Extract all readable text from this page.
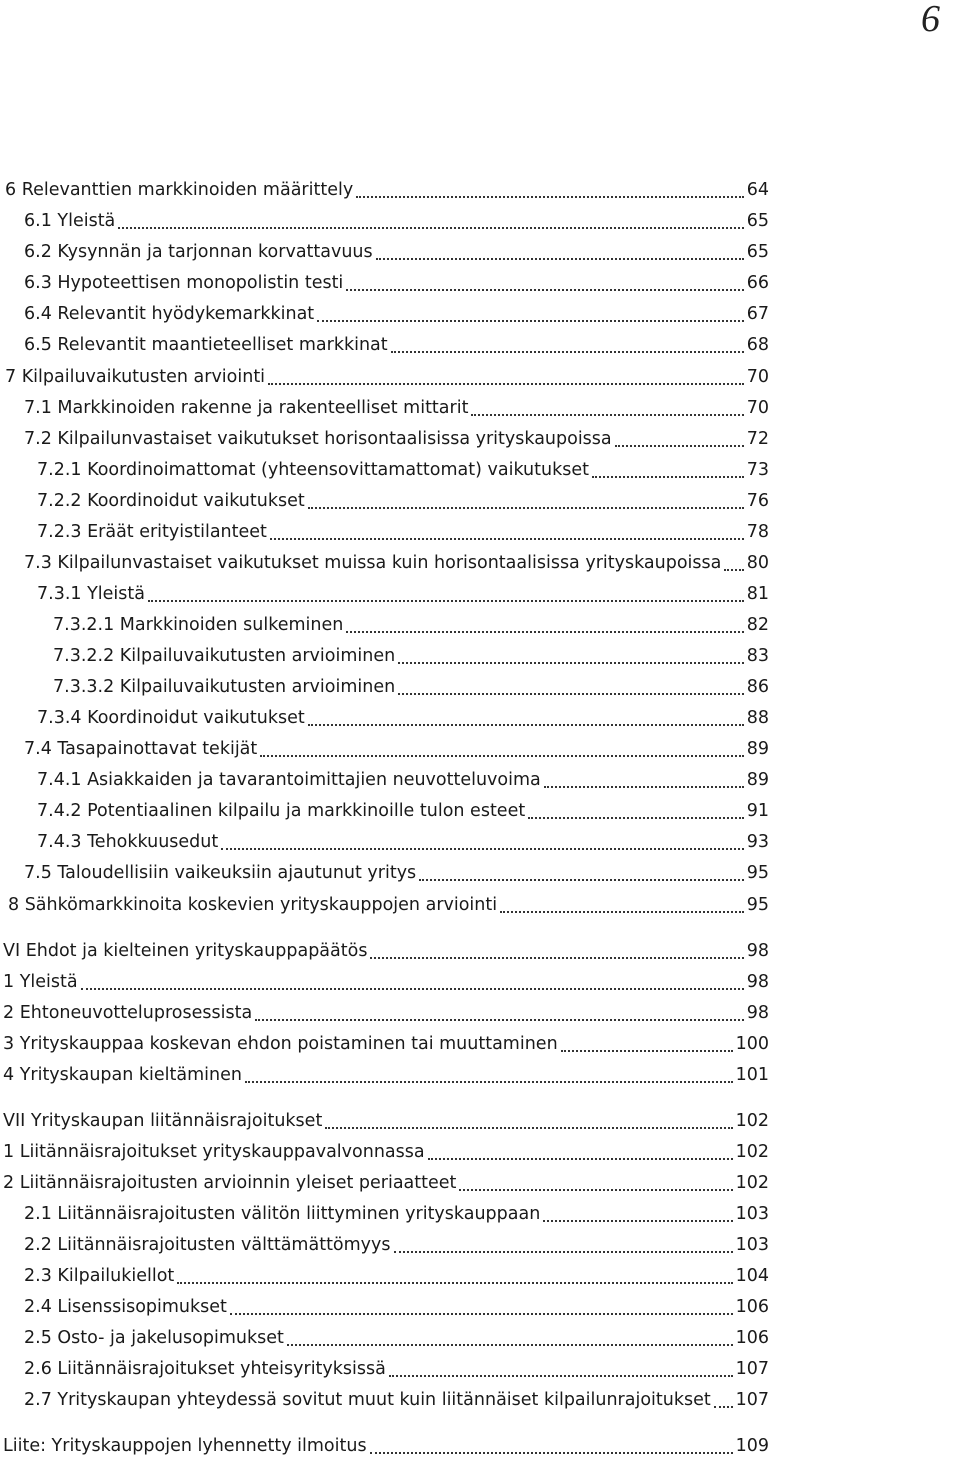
6
6 Relevanttien markkinoiden määrittely	64
6.1 Yleistä	65
6.2 Kysynnän ja tarjonnan korvattavuus	65
6.3 Hypoteettisen monopolistin testi	66
6.4 Relevantit hyödykemarkkinat	67
6.5 Relevantit maantieteelliset markkinat	68
7 Kilpailuvaikutusten arviointi	70
7.1 Markkinoiden rakenne ja rakenteelliset mittarit	70
7.2 Kilpailunvastaiset vaikutukset horisontaalisissa yrityskaupoissa	72
7.2.1 Koordinoimattomat (yhteensovittamattomat) vaikutukset	73
7.2.2 Koordinoidut vaikutukset	76
7.2.3 Eräät erityistilanteet	78
7.3 Kilpailunvastaiset vaikutukset muissa kuin horisontaalisissa yrityskaupoissa 80
7.3.1 Yleistä	81
7.3.2.1 Markkinoiden sulkeminen	82
7.3.2.2 Kilpailuvaikutusten arvioiminen	83
7.3.3.2 Kilpailuvaikutusten arvioiminen	86
7.3.4 Koordinoidut vaikutukset	88
7.4 Tasapainottavat tekijät	89
7.4.1 Asiakkaiden ja tavarantoimittajien neuvotteluvoima	89
7.4.2 Potentiaalinen kilpailu ja markkinoille tulon esteet	91
7.4.3 Tehokkuusedut	93
7.5 Taloudellisiin vaikeuksiin ajautunut yritys	95
8 Sähkömarkkinoita koskevien yrityskauppojen arviointi	95
VI Ehdot ja kielteinen yrityskauppapäätös	98
1 Yleistä	98
2 Ehtoneuvotteluprosessista	98
3 Yrityskauppaa koskevan ehdon poistaminen tai muuttaminen	100
4 Yrityskaupan kieltäminen	101
VII Yrityskaupan liitännäisrajoitukset	102
1 Liitännäisrajoitukset yrityskauppavalvonnassa	102
2 Liitännäisrajoitusten arvioinnin yleiset periaatteet	102
2.1 Liitännäisrajoitusten välitön liittyminen yrityskauppaan	103
2.2 Liitännäisrajoitusten välttämättömyys	103
2.3 Kilpailukiellot	104
2.4 Lisenssisopimukset	106
2.5 Osto- ja jakelusopimukset	106
2.6 Liitännäisrajoitukset yhteisyrityksissä	107
2.7 Yrityskaupan yhteydessä sovitut muut kuin liitännäiset kilpailunrajoitukset 107
Liite: Yrityskauppojen lyhennetty ilmoitus	109
